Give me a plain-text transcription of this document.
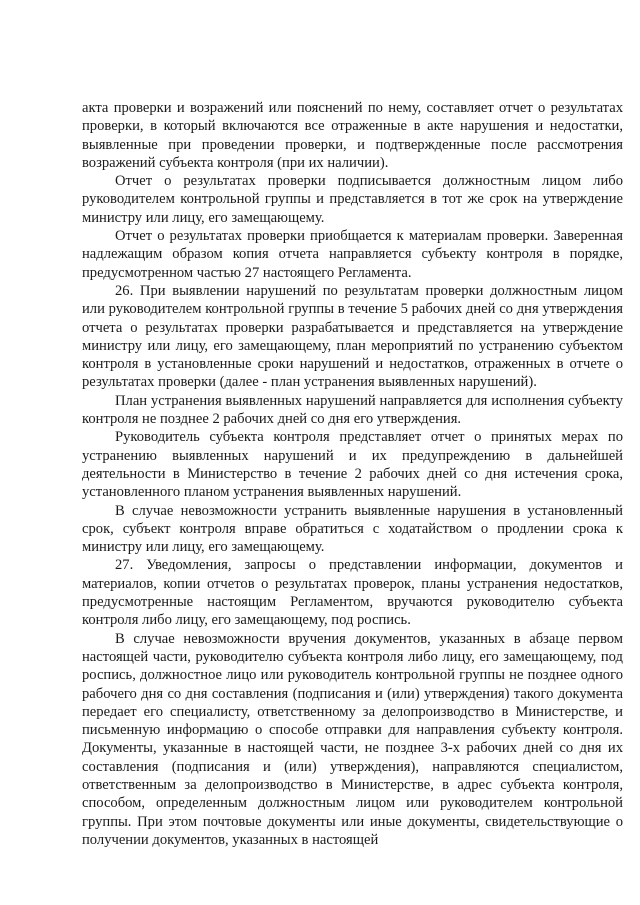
акта проверки и возражений или пояснений по нему, составляет отчет о результатах проверки, в который включаются все отраженные в акте нарушения и недостатки, выявленные при проведении проверки, и подтвержденные после рассмотрения возражений субъекта контроля (при их наличии).

Отчет о результатах проверки подписывается должностным лицом либо руководителем контрольной группы и представляется в тот же срок на утверждение министру или лицу, его замещающему.

Отчет о результатах проверки приобщается к материалам проверки. Заверенная надлежащим образом копия отчета направляется субъекту контроля в порядке, предусмотренном частью 27 настоящего Регламента.

26. При выявлении нарушений по результатам проверки должностным лицом или руководителем контрольной группы в течение 5 рабочих дней со дня утверждения отчета о результатах проверки разрабатывается и представляется на утверждение министру или лицу, его замещающему, план мероприятий по устранению субъектом контроля в установленные сроки нарушений и недостатков, отраженных в отчете о результатах проверки (далее - план устранения выявленных нарушений).

План устранения выявленных нарушений направляется для исполнения субъекту контроля не позднее 2 рабочих дней со дня его утверждения.

Руководитель субъекта контроля представляет отчет о принятых мерах по устранению выявленных нарушений и их предупреждению в дальнейшей деятельности в Министерство в течение 2 рабочих дней со дня истечения срока, установленного планом устранения выявленных нарушений.

В случае невозможности устранить выявленные нарушения в установленный срок, субъект контроля вправе обратиться с ходатайством о продлении срока к министру или лицу, его замещающему.

27. Уведомления, запросы о представлении информации, документов и материалов, копии отчетов о результатах проверок, планы устранения недостатков, предусмотренные настоящим Регламентом, вручаются руководителю субъекта контроля либо лицу, его замещающему, под роспись.

В случае невозможности вручения документов, указанных в абзаце первом настоящей части, руководителю субъекта контроля либо лицу, его замещающему, под роспись, должностное лицо или руководитель контрольной группы не позднее одного рабочего дня со дня составления (подписания и (или) утверждения) такого документа передает его специалисту, ответственному за делопроизводство в Министерстве, и письменную информацию о способе отправки для направления субъекту контроля. Документы, указанные в настоящей части, не позднее 3-х рабочих дней со дня их составления (подписания и (или) утверждения), направляются специалистом, ответственным за делопроизводство в Министерстве, в адрес субъекта контроля, способом, определенным должностным лицом или руководителем контрольной группы. При этом почтовые документы или иные документы, свидетельствующие о получении документов, указанных в настоящей
